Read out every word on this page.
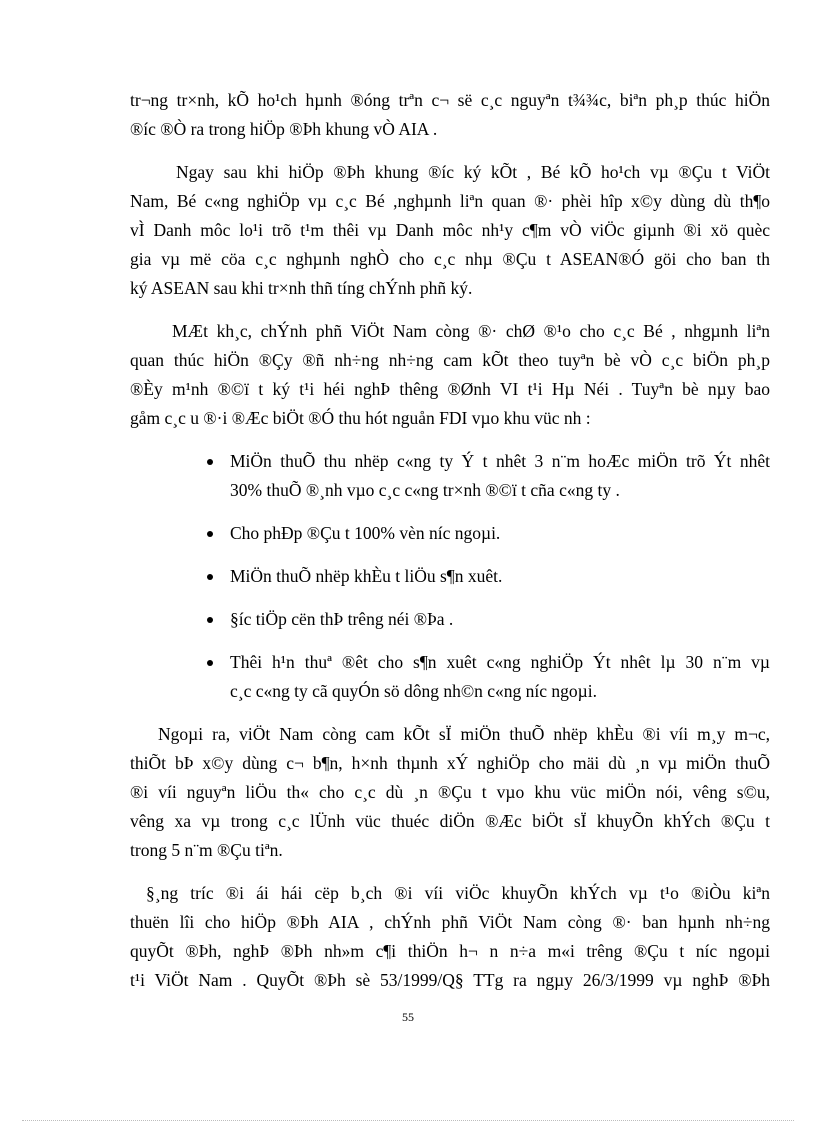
tr¬ng tr×nh, kÕ ho¹ch hµnh ®óng trªn c¬ së c¸c nguyªn t¾¾c, biªn ph¸p thúc hiÖn

®íc ®Ò ra trong hiÖp ®Þh khung vÒ AIA .

Ngay sau khi hiÖp ®Þh khung ®íc ký kÕt , Bé kÕ ho¹ch vµ ®Çu t ViÖt

Nam, Bé c«ng nghiÖp vµ c¸c Bé ,nghµnh liªn quan ®· phèi hîp x©y dùng dù th¶o

vÌ Danh môc lo¹i trõ t¹m thêi vµ Danh môc nh¹y c¶m vÒ viÖc giµnh ®i xö quèc

gia vµ më cöa c¸c nghµnh nghÒ cho c¸c nhµ ®Çu t ASEAN®Ó göi cho ban th

ký ASEAN sau khi tr×nh thñ tíng chÝnh phñ ký.

MÆt kh¸c, chÝnh phñ ViÖt Nam còng ®· chØ ®¹o cho c¸c Bé , nhgµnh liªn

quan thúc hiÖn ®Çy ®ñ nh÷ng nh÷ng cam kÕt theo tuyªn bè vÒ c¸c biÖn ph¸p

®Èy m¹nh ®©ï t ký t¹i héi nghÞ thêng ®Ønh VI t¹i Hµ Néi . Tuyªn bè nµy bao

gåm c¸c u ®·i ®Æc biÖt ®Ó thu hót nguån FDI vµo khu vüc nh :

MiÖn thuÕ thu nhëp c«ng ty Ý t nhêt 3 n¨m hoÆc miÖn trõ Ýt nhêt

30% thuÕ ®¸nh vµo c¸c c«ng tr×nh ®©ï t cña c«ng ty .

Cho phÐp ®Çu t 100% vèn níc ngoµi.

MiÖn thuÕ nhëp khÈu t liÖu s¶n xuêt.

§íc tiÖp cën thÞ trêng néi ®Þa .

Thêi h¹n thuª ®êt cho s¶n xuêt c«ng nghiÖp Ýt nhêt lµ 30 n¨m vµ

c¸c c«ng ty cã quyÓn sö dông nh©n c«ng níc ngoµi.

Ngoµi ra, viÖt Nam còng cam kÕt sÏ miÖn thuÕ nhëp khÈu ®i víi m¸y m¬c,

thiÕt bÞ x©y dùng c¬ b¶n, h×nh thµnh xÝ nghiÖp cho mäi dù ¸n vµ miÖn thuÕ

®i víi nguyªn liÖu th« cho c¸c dù ¸n ®Çu t vµo khu vüc miÖn nói, vêng s©u,

vêng xa vµ trong c¸c lÜnh vüc thuéc diÖn ®Æc biÖt sÏ khuyÕn khÝch ®Çu t

trong 5 n¨m ®Çu tiªn.

§¸ng tríc ®i ái hái cëp b¸ch ®i víi viÖc khuyÕn khÝch vµ t¹o ®iÒu kiªn

thuën lîi cho hiÖp ®Þh AIA , chÝnh phñ ViÖt Nam còng ®· ban hµnh nh÷ng

quyÕt ®Þh, nghÞ ®Þh nh»m c¶i thiÖn h¬ n n÷a m«i trêng ®Çu t níc ngoµi

t¹i ViÖt Nam . QuyÕt ®Þh sè 53/1999/Q§ TTg ra ngµy 26/3/1999 vµ nghÞ ®Þh

55
